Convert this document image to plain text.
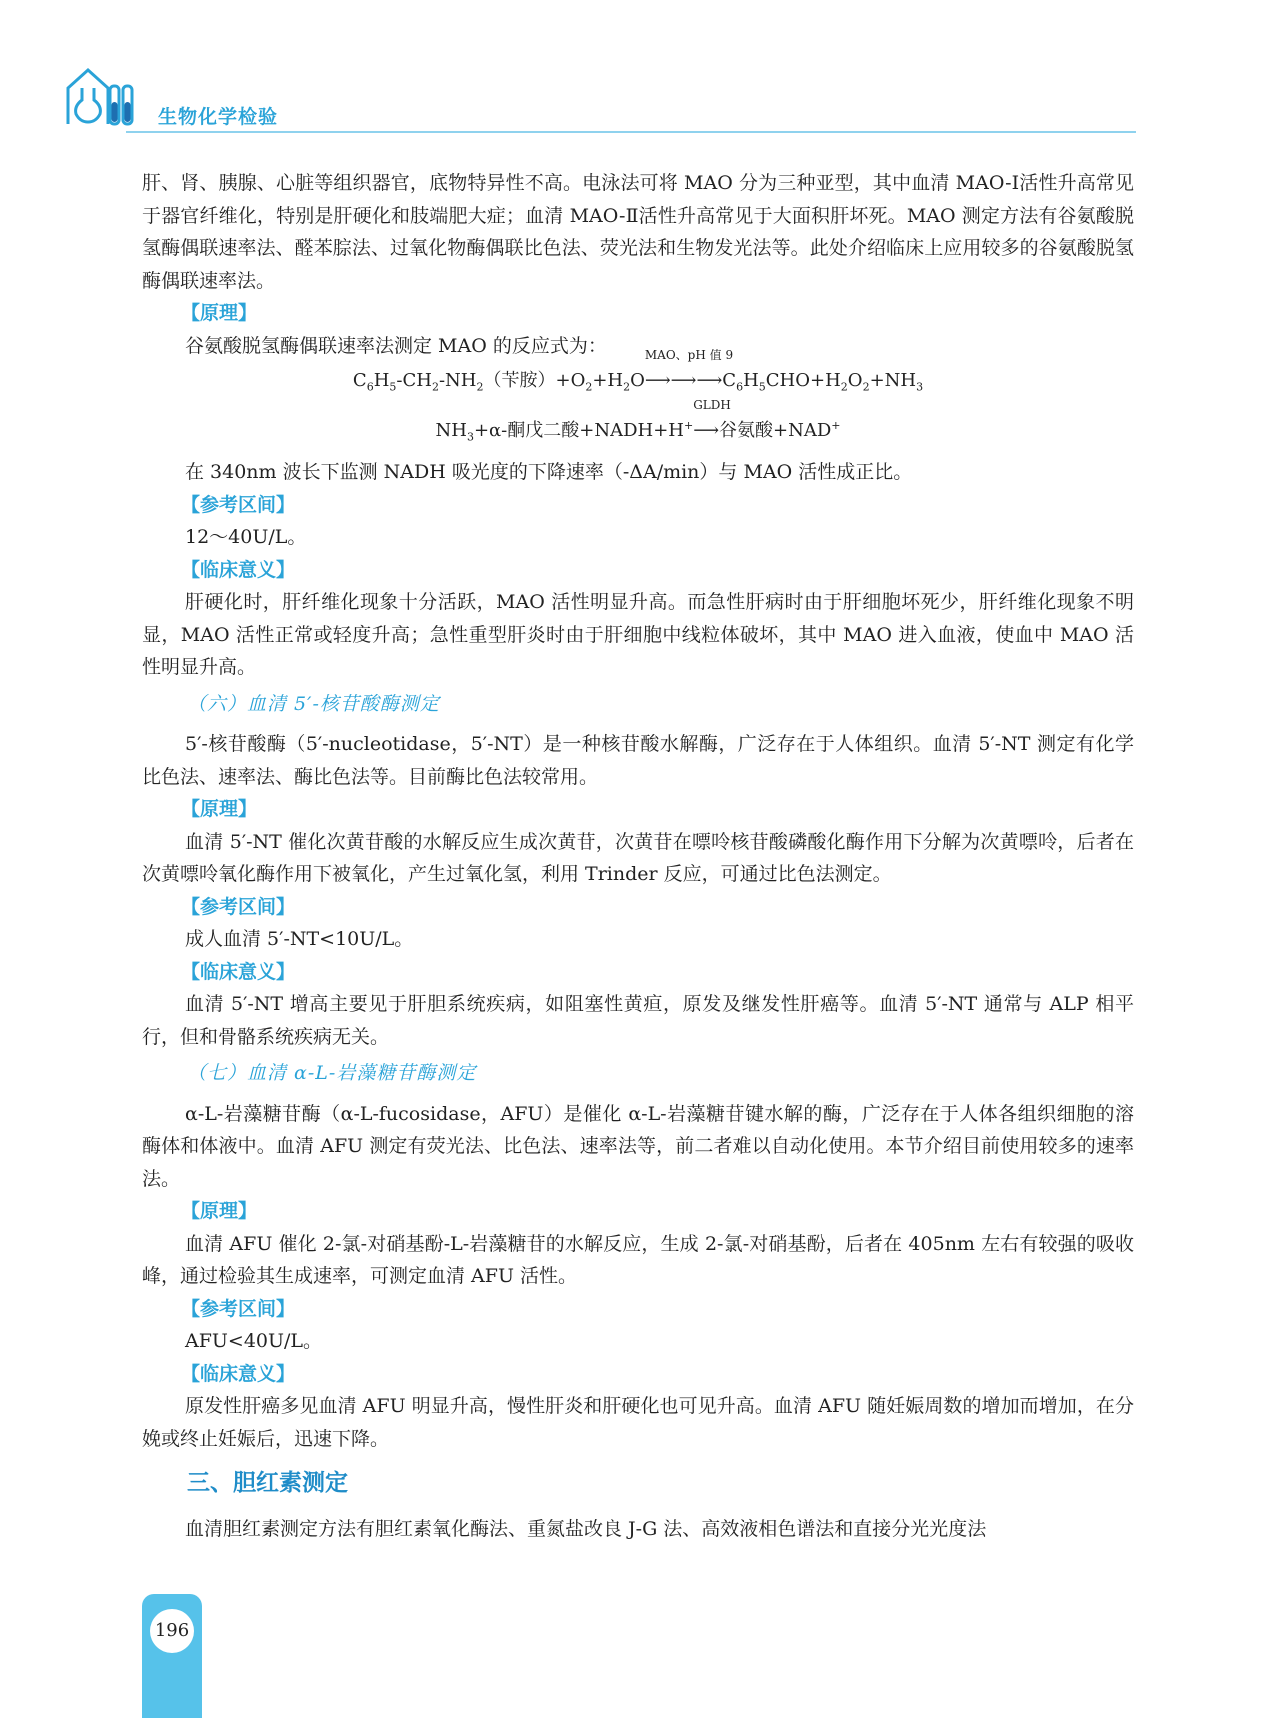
生物化学检验

肝、肾、胰腺、心脏等组织器官，底物特异性不高。电泳法可将 MAO 分为三种亚型，其中血清 MAO-Ⅰ活性升高常见于器官纤维化，特别是肝硬化和肢端肥大症；血清 MAO-Ⅱ活性升高常见于大面积肝坏死。MAO 测定方法有谷氨酸脱氢酶偶联速率法、醛苯腙法、过氧化物酶偶联比色法、荧光法和生物发光法等。此处介绍临床上应用较多的谷氨酸脱氢酶偶联速率法。

【原理】

谷氨酸脱氢酶偶联速率法测定 MAO 的反应式为：

$C_6H_5-CH_2-NH_2$（苄胺）$+O_2+H_2O$
MAO、pH 值 9
$⟶⟶⟶C_6H_5CHO+H_2O_2+NH_3$
$NH_3+\alpha-$酮戊二酸+NADH+H+
GLDH
⟶谷氨酸+NAD+

在 340nm 波长下监测 NADH 吸光度的下降速率（-ΔA/min）与 MAO 活性成正比。

【参考区间】

12～40U/L。

【临床意义】

肝硬化时，肝纤维化现象十分活跃，MAO 活性明显升高。而急性肝病时由于肝细胞坏死少，肝纤维化现象不明显，MAO 活性正常或轻度升高；急性重型肝炎时由于肝细胞中线粒体破坏，其中 MAO 进入血液，使血中 MAO 活性明显升高。

（六）血清 5′-核苷酸酶测定

5′-核苷酸酶（5′-nucleotidase，5′-NT）是一种核苷酸水解酶，广泛存在于人体组织。血清 5′-NT 测定有化学比色法、速率法、酶比色法等。目前酶比色法较常用。

【原理】

血清 5′-NT 催化次黄苷酸的水解反应生成次黄苷，次黄苷在嘌呤核苷酸磷酸化酶作用下分解为次黄嘌呤，后者在次黄嘌呤氧化酶作用下被氧化，产生过氧化氢，利用 Trinder 反应，可通过比色法测定。

【参考区间】

成人血清 5′-NT<10U/L。

【临床意义】

血清 5′-NT 增高主要见于肝胆系统疾病，如阻塞性黄疸，原发及继发性肝癌等。血清 5′-NT 通常与 ALP 相平行，但和骨骼系统疾病无关。

（七）血清 α-L-岩藻糖苷酶测定

α-L-岩藻糖苷酶（α-L-fucosidase，AFU）是催化 α-L-岩藻糖苷键水解的酶，广泛存在于人体各组织细胞的溶酶体和体液中。血清 AFU 测定有荧光法、比色法、速率法等，前二者难以自动化使用。本节介绍目前使用较多的速率法。

【原理】

血清 AFU 催化 2-氯-对硝基酚-L-岩藻糖苷的水解反应，生成 2-氯-对硝基酚，后者在 405nm 左右有较强的吸收峰，通过检验其生成速率，可测定血清 AFU 活性。

【参考区间】

AFU<40U/L。

【临床意义】

原发性肝癌多见血清 AFU 明显升高，慢性肝炎和肝硬化也可见升高。血清 AFU 随妊娠周数的增加而增加，在分娩或终止妊娠后，迅速下降。

三、胆红素测定

血清胆红素测定方法有胆红素氧化酶法、重氮盐改良 J-G 法、高效液相色谱法和直接分光光度法

196
